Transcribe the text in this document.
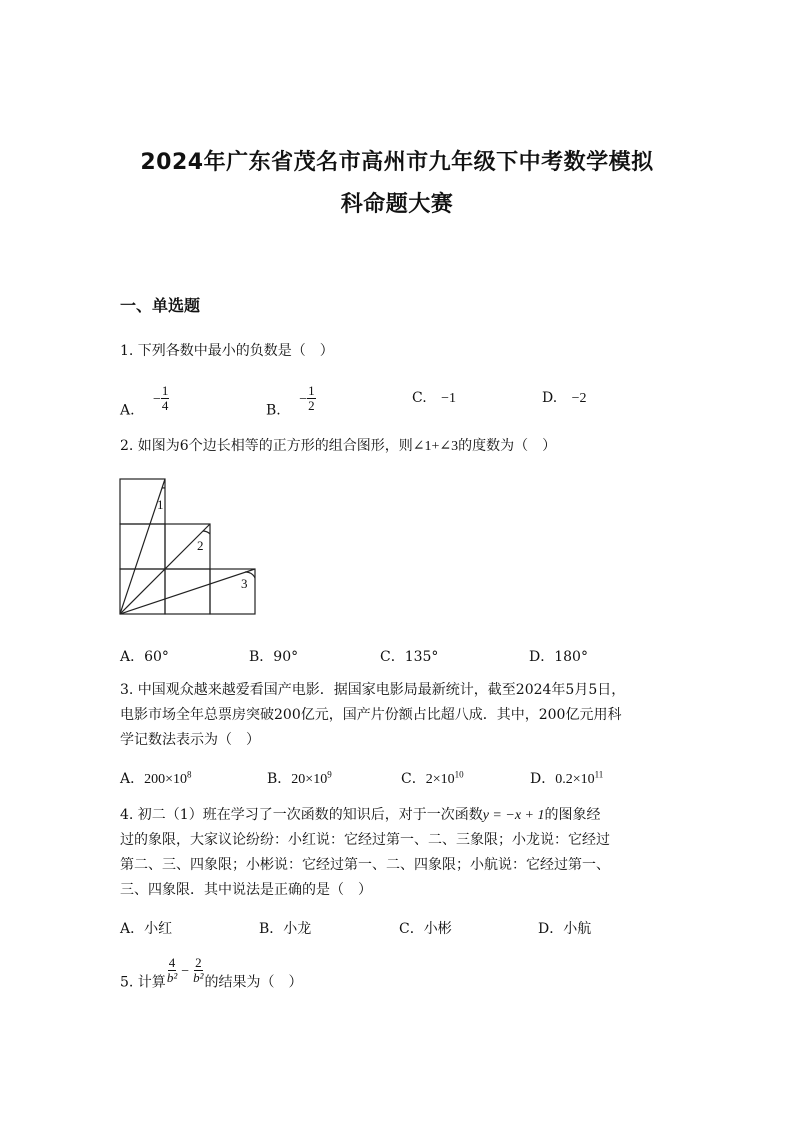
2024年广东省茂名市高州市九年级下中考数学模拟
科命题大赛
一、单选题
1. 下列各数中最小的负数是（　）
A. − $\frac{1}{4}$	B. − $\frac{1}{2}$	C. −1	D. −2
2. 如图为6个边长相等的正方形的组合图形，则∠1+∠3的度数为（　）
1
2
3
A．60°	B．90°	C．135°	D．180°
3. 中国观众越来越爱看国产电影．据国家电影局最新统计，截至2024年5月5日，
电影市场全年总票房突破200亿元，国产片份额占比超八成．其中，200亿元用科
学记数法表示为（　）
A．$200\times 10^8$	B．$20\times 10^9$	C．$2\times 10^{10}$	D．$0.2\times 10^{11}$
4. 初二（1）班在学习了一次函数的知识后，对于一次函数y = −x + 1的图象经
过的象限，大家议论纷纷：小红说：它经过第一、二、三象限；小龙说：它经过
第二、三、四象限；小彬说：它经过第一、二、四象限；小航说：它经过第一、
三、四象限．其中说法是正确的是（　）
A．小红	B．小龙	C．小彬	D．小航
5. 计算 $\frac{4}{\text{b²}} - \frac{2}{\text{b²}}$ 的结果为（　）
